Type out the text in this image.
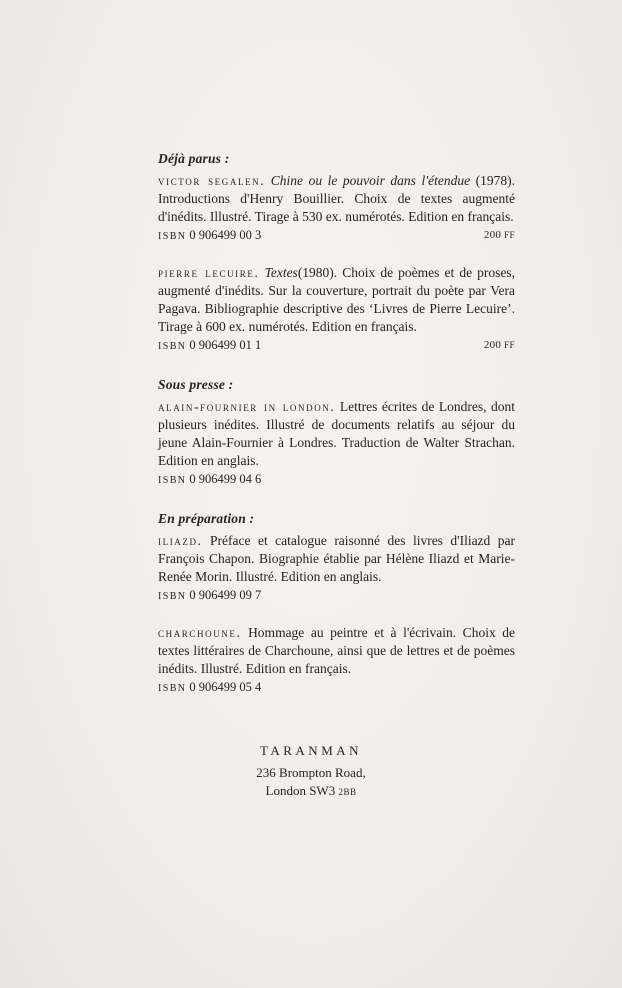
Déjà parus :

victor segalen. Chine ou le pouvoir dans l'étendue (1978). Introductions d'Henry Bouillier. Choix de textes augmenté d'inédits. Illustré. Tirage à 530 ex. numérotés. Edition en français.

ISBN 0 906499 00 3	200 FF

pierre lecuire. Textes(1980). Choix de poèmes et de proses, augmenté d'inédits. Sur la couverture, portrait du poète par Vera Pagava. Bibliographie descriptive des ‘Livres de Pierre Lecuire’. Tirage à 600 ex. numérotés. Edition en français.

ISBN 0 906499 01 1	200 FF
Sous presse :

alain-fournier in london. Lettres écrites de Londres, dont plusieurs inédites. Illustré de documents relatifs au séjour du jeune Alain-Fournier à Londres. Traduction de Walter Strachan. Edition en anglais.

ISBN 0 906499 04 6
En préparation :

iliazd. Préface et catalogue raisonné des livres d'Iliazd par François Chapon. Biographie établie par Hélène Iliazd et Marie-Renée Morin. Illustré. Edition en anglais.

ISBN 0 906499 09 7

charchoune. Hommage au peintre et à l'écrivain. Choix de textes littéraires de Charchoune, ainsi que de lettres et de poèmes inédits. Illustré. Edition en français.

ISBN 0 906499 05 4
TARANMAN
236 Brompton Road,
London SW3 2BB
